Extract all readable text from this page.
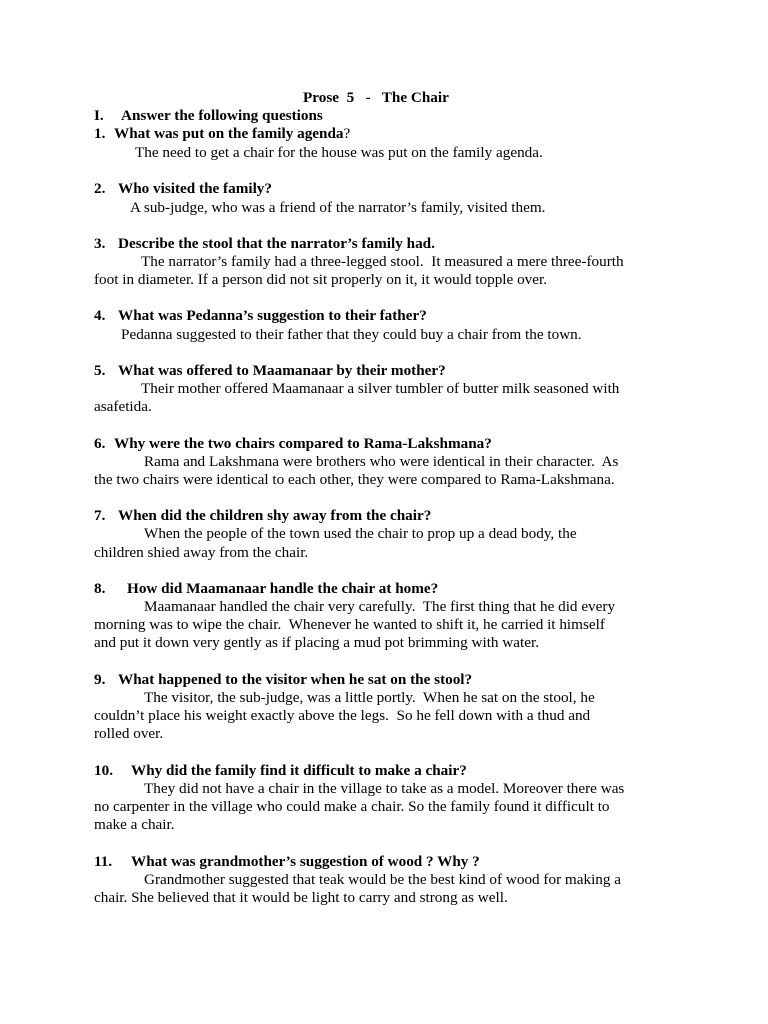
Prose  5   -   The Chair
I. Answer the following questions
1. What was put on the family agenda?
The need to get a chair for the house was put on the family agenda.
2. Who visited the family?
A sub-judge, who was a friend of the narrator’s family, visited them.
3. Describe the stool that the narrator’s family had.
The narrator’s family had a three-legged stool.  It measured a mere three-fourth
foot in diameter. If a person did not sit properly on it, it would topple over.
4. What was Pedanna’s suggestion to their father?
Pedanna suggested to their father that they could buy a chair from the town.
5. What was offered to Maamanaar by their mother?
Their mother offered Maamanaar a silver tumbler of butter milk seasoned with
asafetida.
6. Why were the two chairs compared to Rama-Lakshmana?
Rama and Lakshmana were brothers who were identical in their character.  As
the two chairs were identical to each other, they were compared to Rama-Lakshmana.
7. When did the children shy away from the chair?
When the people of the town used the chair to prop up a dead body, the
children shied away from the chair.
8. How did Maamanaar handle the chair at home?
Maamanaar handled the chair very carefully.  The first thing that he did every
morning was to wipe the chair.  Whenever he wanted to shift it, he carried it himself
and put it down very gently as if placing a mud pot brimming with water.
9. What happened to the visitor when he sat on the stool?
The visitor, the sub-judge, was a little portly.  When he sat on the stool, he
couldn’t place his weight exactly above the legs.  So he fell down with a thud and
rolled over.
10. Why did the family find it difficult to make a chair?
They did not have a chair in the village to take as a model. Moreover there was
no carpenter in the village who could make a chair. So the family found it difficult to
make a chair.
11. What was grandmother’s suggestion of wood ? Why ?
Grandmother suggested that teak would be the best kind of wood for making a
chair. She believed that it would be light to carry and strong as well.
